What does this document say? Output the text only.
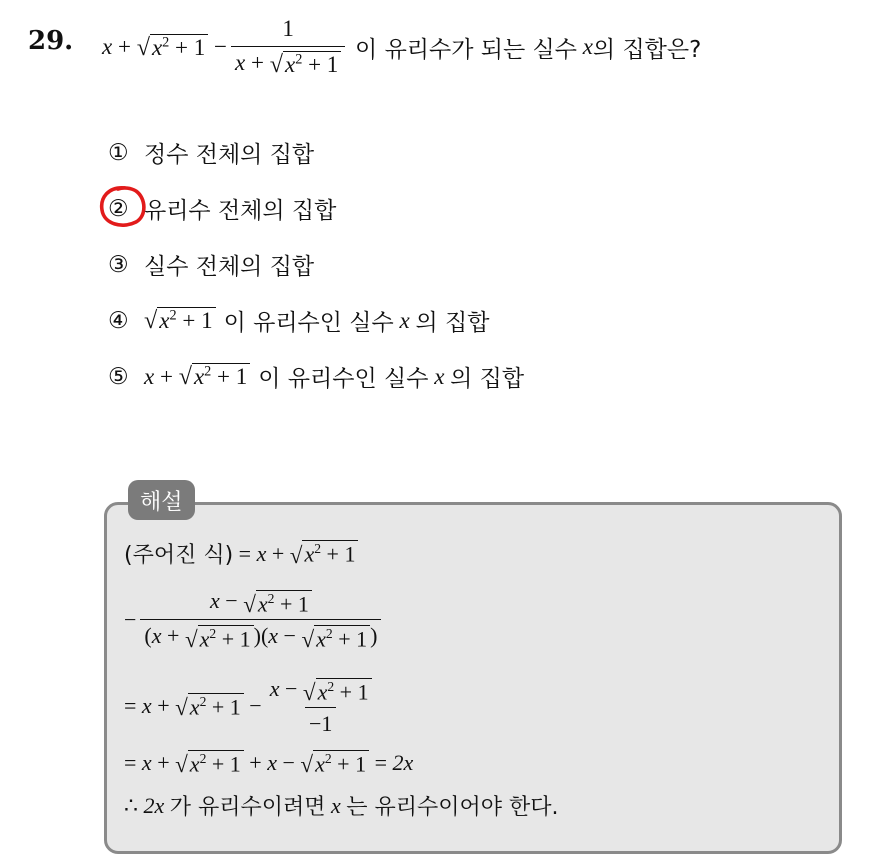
29. x
+
√ $x^2 + 1$
− $\frac{1}{x + √ x^2 + 1}$
이 유리수가 되는 실수
x 의 집합은?
① 정수 전체의 집합
② 유리수 전체의 집합
③ 실수 전체의 집합
④ √ $x^2 + 1$ 이 유리수인 실수
x
의 집합
⑤ x
+
√ $x^2 + 1$ 이 유리수인 실수
x
의 집합
해설
(주어진 식)
=
x
+
√ $x^2 + 1$
− $\frac{x - √ x^2 + 1}{(x + √ x^2 + 1 )(x - √ x^2 + 1 )}$
=
x
+
√ $x^2 + 1$
− $\frac{x - √ x^2 + 1}{-1}$
=
x
+
√ $x^2 + 1$
+
x
−
√ $x^2 + 1$
=
2x
∴
2x
가 유리수이려면
x
는 유리수이어야 한다.
